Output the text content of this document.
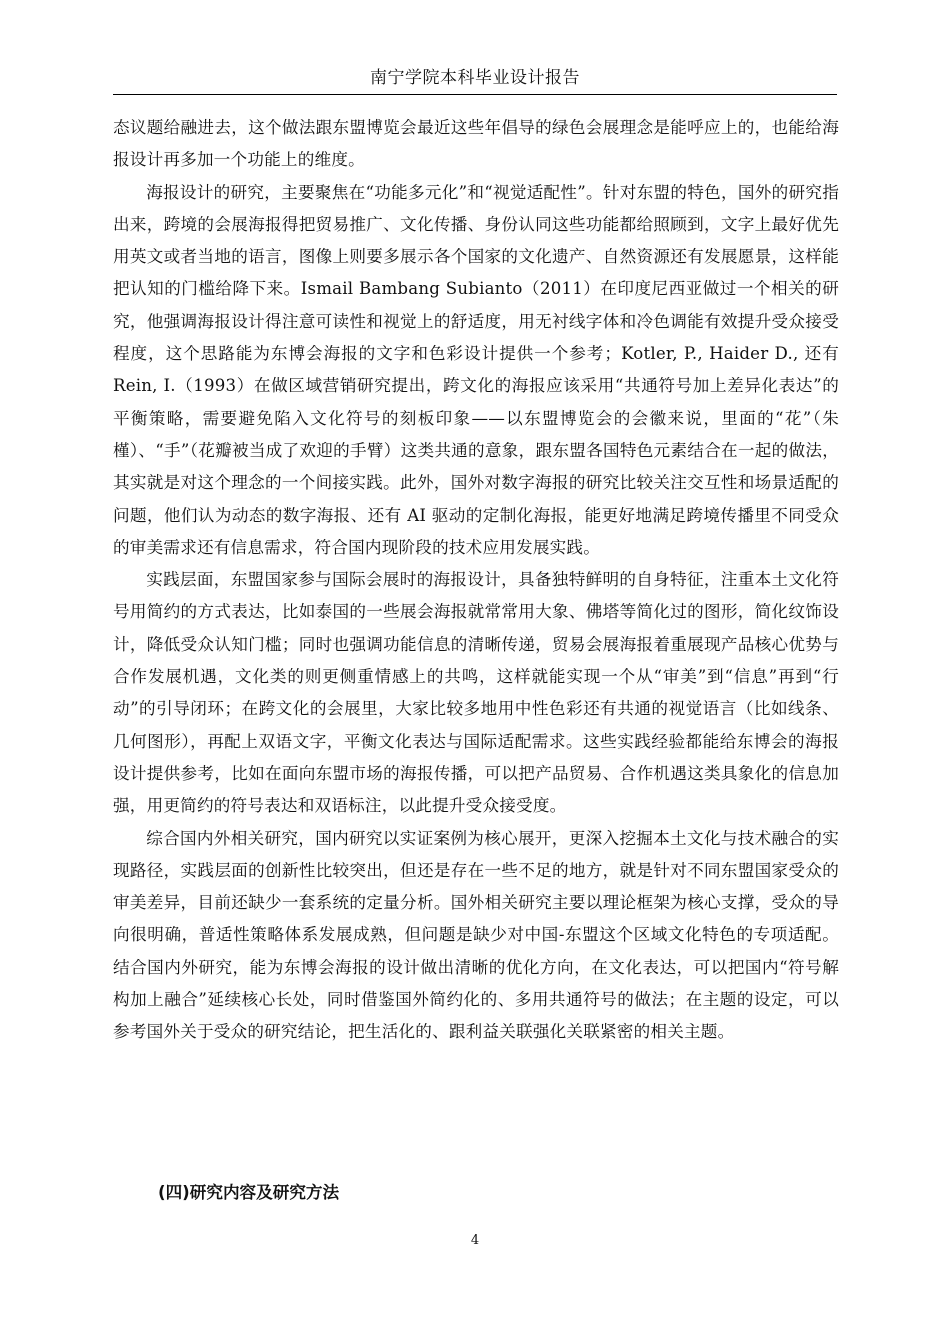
南宁学院本科毕业设计报告

态议题给融进去，这个做法跟东盟博览会最近这些年倡导的绿色会展理念是能呼应上的，也能给海报设计再多加一个功能上的维度。

海报设计的研究，主要聚焦在“功能多元化”和“视觉适配性”。针对东盟的特色，国外的研究指出来，跨境的会展海报得把贸易推广、文化传播、身份认同这些功能都给照顾到，文字上最好优先用英文或者当地的语言，图像上则要多展示各个国家的文化遗产、自然资源还有发展愿景，这样能把认知的门槛给降下来。Ismail Bambang Subianto（2011）在印度尼西亚做过一个相关的研究，他强调海报设计得注意可读性和视觉上的舒适度，用无衬线字体和冷色调能有效提升受众接受程度，这个思路能为东博会海报的文字和色彩设计提供一个参考；Kotler, P., Haider D., 还有 Rein, I.（1993）在做区域营销研究提出，跨文化的海报应该采用“共通符号加上差异化表达”的平衡策略，需要避免陷入文化符号的刻板印象——以东盟博览会的会徽来说，里面的“花”（朱槿）、“手”（花瓣被当成了欢迎的手臂）这类共通的意象，跟东盟各国特色元素结合在一起的做法，其实就是对这个理念的一个间接实践。此外，国外对数字海报的研究比较关注交互性和场景适配的问题，他们认为动态的数字海报、还有 AI 驱动的定制化海报，能更好地满足跨境传播里不同受众的审美需求还有信息需求，符合国内现阶段的技术应用发展实践。

实践层面，东盟国家参与国际会展时的海报设计，具备独特鲜明的自身特征，注重本土文化符号用简约的方式表达，比如泰国的一些展会海报就常常用大象、佛塔等简化过的图形，简化纹饰设计，降低受众认知门槛；同时也强调功能信息的清晰传递，贸易会展海报着重展现产品核心优势与合作发展机遇，文化类的则更侧重情感上的共鸣，这样就能实现一个从“审美”到“信息”再到“行动”的引导闭环；在跨文化的会展里，大家比较多地用中性色彩还有共通的视觉语言（比如线条、几何图形），再配上双语文字，平衡文化表达与国际适配需求。这些实践经验都能给东博会的海报设计提供参考，比如在面向东盟市场的海报传播，可以把产品贸易、合作机遇这类具象化的信息加强，用更简约的符号表达和双语标注，以此提升受众接受度。

综合国内外相关研究，国内研究以实证案例为核心展开，更深入挖掘本土文化与技术融合的实现路径，实践层面的创新性比较突出，但还是存在一些不足的地方，就是针对不同东盟国家受众的审美差异，目前还缺少一套系统的定量分析。国外相关研究主要以理论框架为核心支撑，受众的导向很明确，普适性策略体系发展成熟，但问题是缺少对中国-东盟这个区域文化特色的专项适配。结合国内外研究，能为东博会海报的设计做出清晰的优化方向，在文化表达，可以把国内“符号解构加上融合”延续核心长处，同时借鉴国外简约化的、多用共通符号的做法；在主题的设定，可以参考国外关于受众的研究结论，把生活化的、跟利益关联强化关联紧密的相关主题。

(四)研究内容及研究方法
4
